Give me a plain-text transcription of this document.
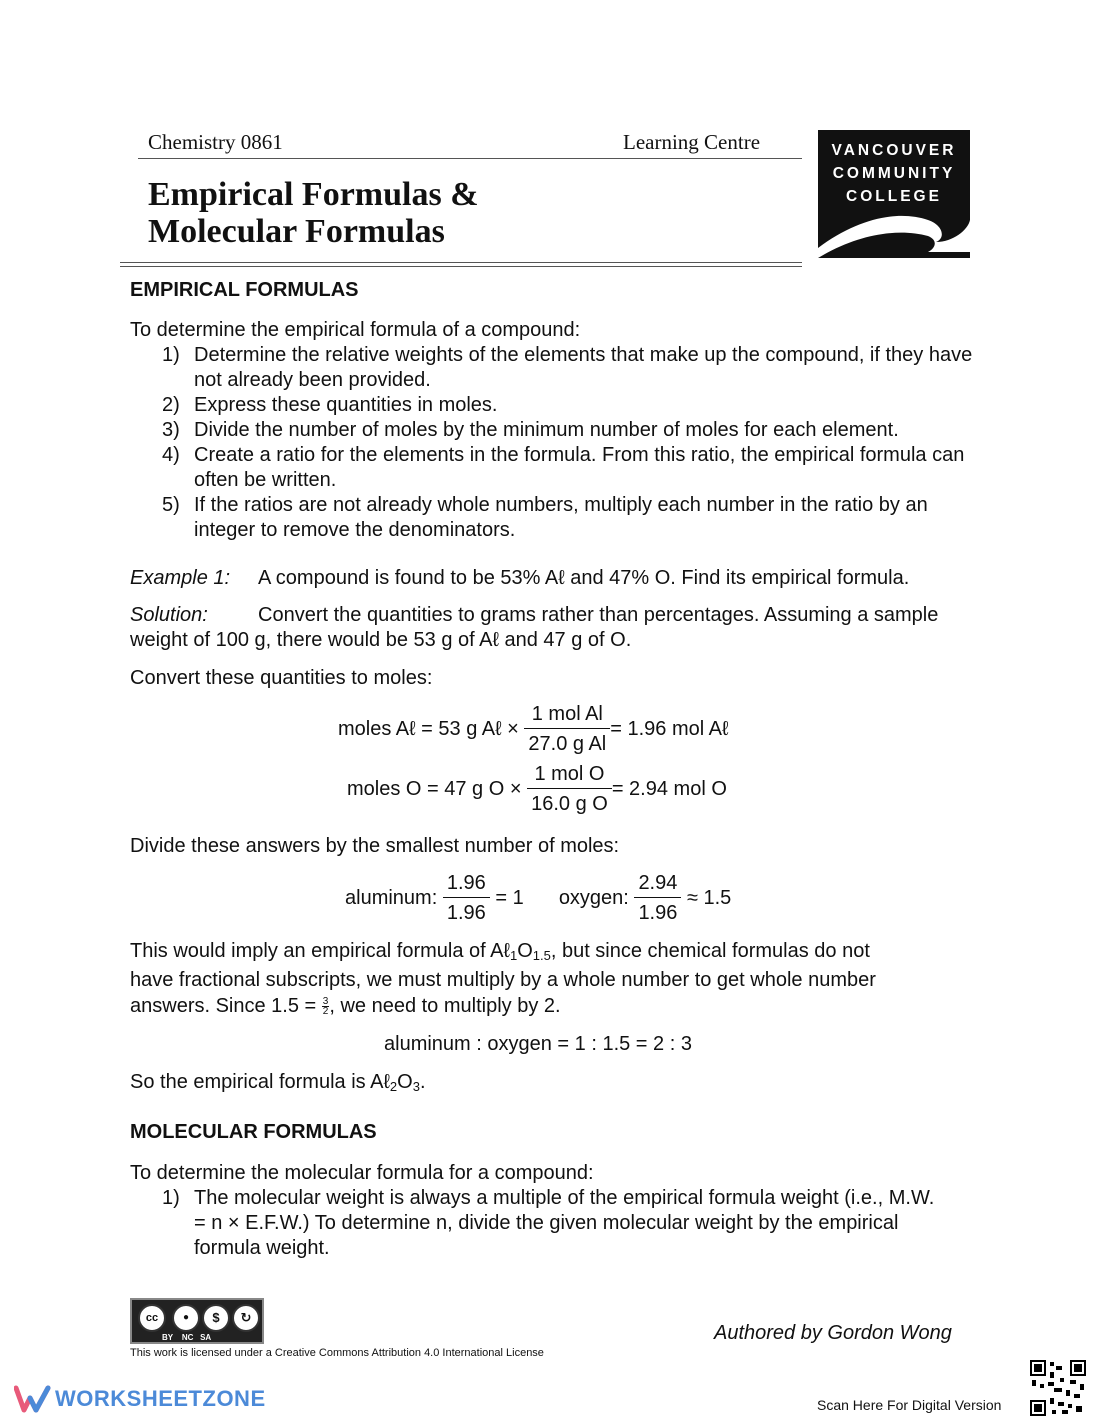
Chemistry 0861	Learning Centre
Empirical Formulas &
Molecular Formulas
VANCOUVER
COMMUNITY
COLLEGE
EMPIRICAL FORMULAS
To determine the empirical formula of a compound:
1) Determine the relative weights of the elements that make up the compound, if they have not already been provided.
2) Express these quantities in moles.
3) Divide the number of moles by the minimum number of moles for each element.
4) Create a ratio for the elements in the formula. From this ratio, the empirical formula can often be written.
5) If the ratios are not already whole numbers, multiply each number in the ratio by an integer to remove the denominators.
Example 1: A compound is found to be 53% Aℓ and 47% O. Find its empirical formula.
Solution:	Convert the quantities to grams rather than percentages. Assuming a sample weight of 100 g, there would be 53 g of Aℓ and 47 g of O.
Convert these quantities to moles:
moles Aℓ = 53 g Aℓ × $\frac{\text{1 mol Al}}{\text{27.0 g Al}} = 1.96$ mol Aℓ
moles O = 47 g $O \times \frac{\text{1 mol O}}{\text{16.0 g O}} = 2.94$ mol O
Divide these answers by the smallest number of moles:
aluminum: $\frac{1.96}{1.96} = 1$ oxygen: $\frac{2.94}{1.96} \approx 1.5$
This would imply an empirical formula of $A\ell_1O_{1.5}$, but since chemical formulas do not
have fractional subscripts, we must multiply by a whole number to get whole number
answers. Since $1.5 = \frac{3}{2}$ , we need to multiply by 2.
aluminum : oxygen = 1 : 1.5 = 2 : 3
So the empirical formula is $A\ell_2O_3$.
MOLECULAR FORMULAS
To determine the molecular formula for a compound:
1) The molecular weight is always a multiple of the empirical formula weight (i.e., M.W. = n × E.F.W.) To determine n, divide the given molecular weight by the empirical formula weight.
cc	●	$	↻
BY    NC   SA
This work is licensed under a Creative Commons Attribution 4.0 International License
Authored by Gordon Wong
WORKSHEETZONE	Scan Here For Digital Version
